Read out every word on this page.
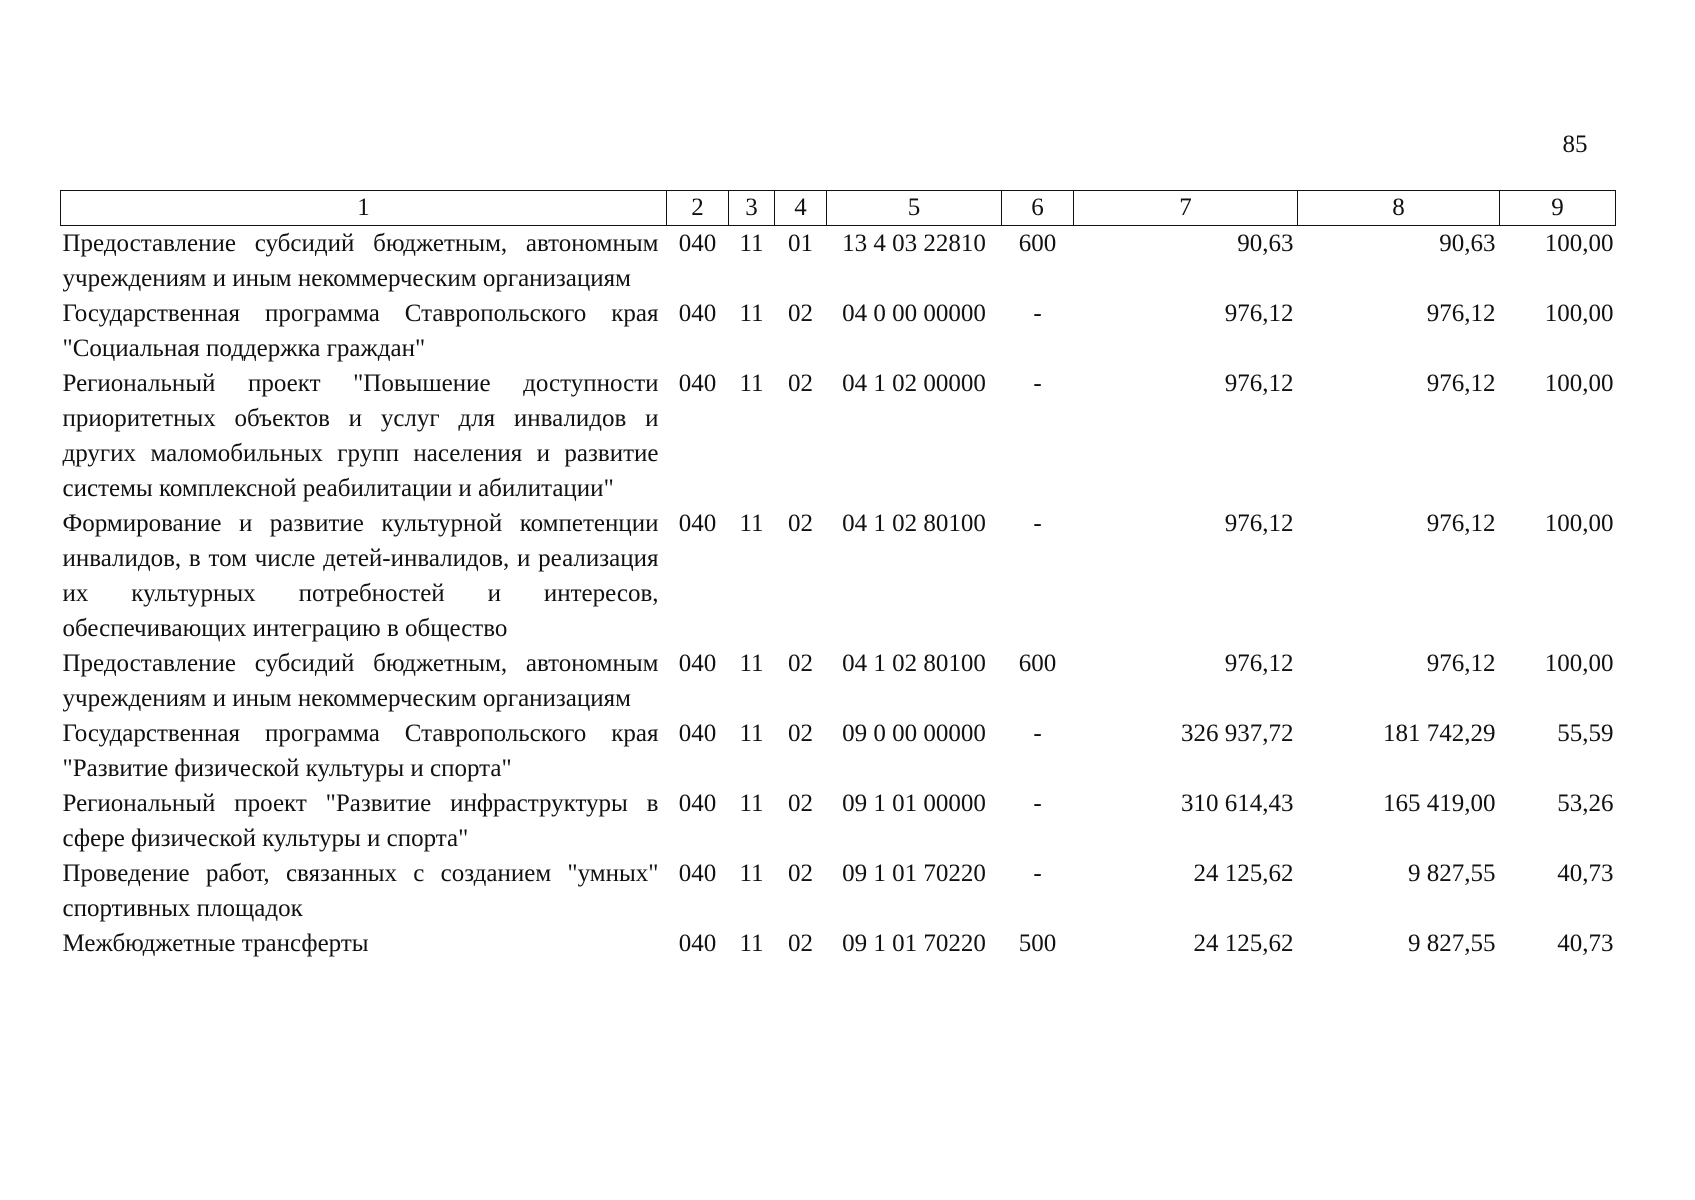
85
1	2	3	4	5	6	7	8	9
Предоставление субсидий бюджетным, автономным учреждениям и иным некоммерческим организациям	040	11	01	13 4 03 22810	600	90,63	90,63	100,00
Государственная программа Ставропольского края "Социальная поддержка граждан"	040	11	02	04 0 00 00000	-	976,12	976,12	100,00
Региональный проект "Повышение доступности приоритетных объектов и услуг для инвалидов и других маломобильных групп населения и развитие системы комплексной реабилитации и абилитации"	040	11	02	04 1 02 00000	-	976,12	976,12	100,00
Формирование и развитие культурной компетенции инвалидов, в том числе детей-инвалидов, и реализация их культурных потребностей и интересов, обеспечивающих интеграцию в общество	040	11	02	04 1 02 80100	-	976,12	976,12	100,00
Предоставление субсидий бюджетным, автономным учреждениям и иным некоммерческим организациям	040	11	02	04 1 02 80100	600	976,12	976,12	100,00
Государственная программа Ставропольского края "Развитие физической культуры и спорта"	040	11	02	09 0 00 00000	-	326 937,72	181 742,29	55,59
Региональный проект "Развитие инфраструктуры в сфере физической культуры и спорта"	040	11	02	09 1 01 00000	-	310 614,43	165 419,00	53,26
Проведение работ, связанных с созданием "умных" спортивных площадок	040	11	02	09 1 01 70220	-	24 125,62	9 827,55	40,73
Межбюджетные трансферты	040	11	02	09 1 01 70220	500	24 125,62	9 827,55	40,73
